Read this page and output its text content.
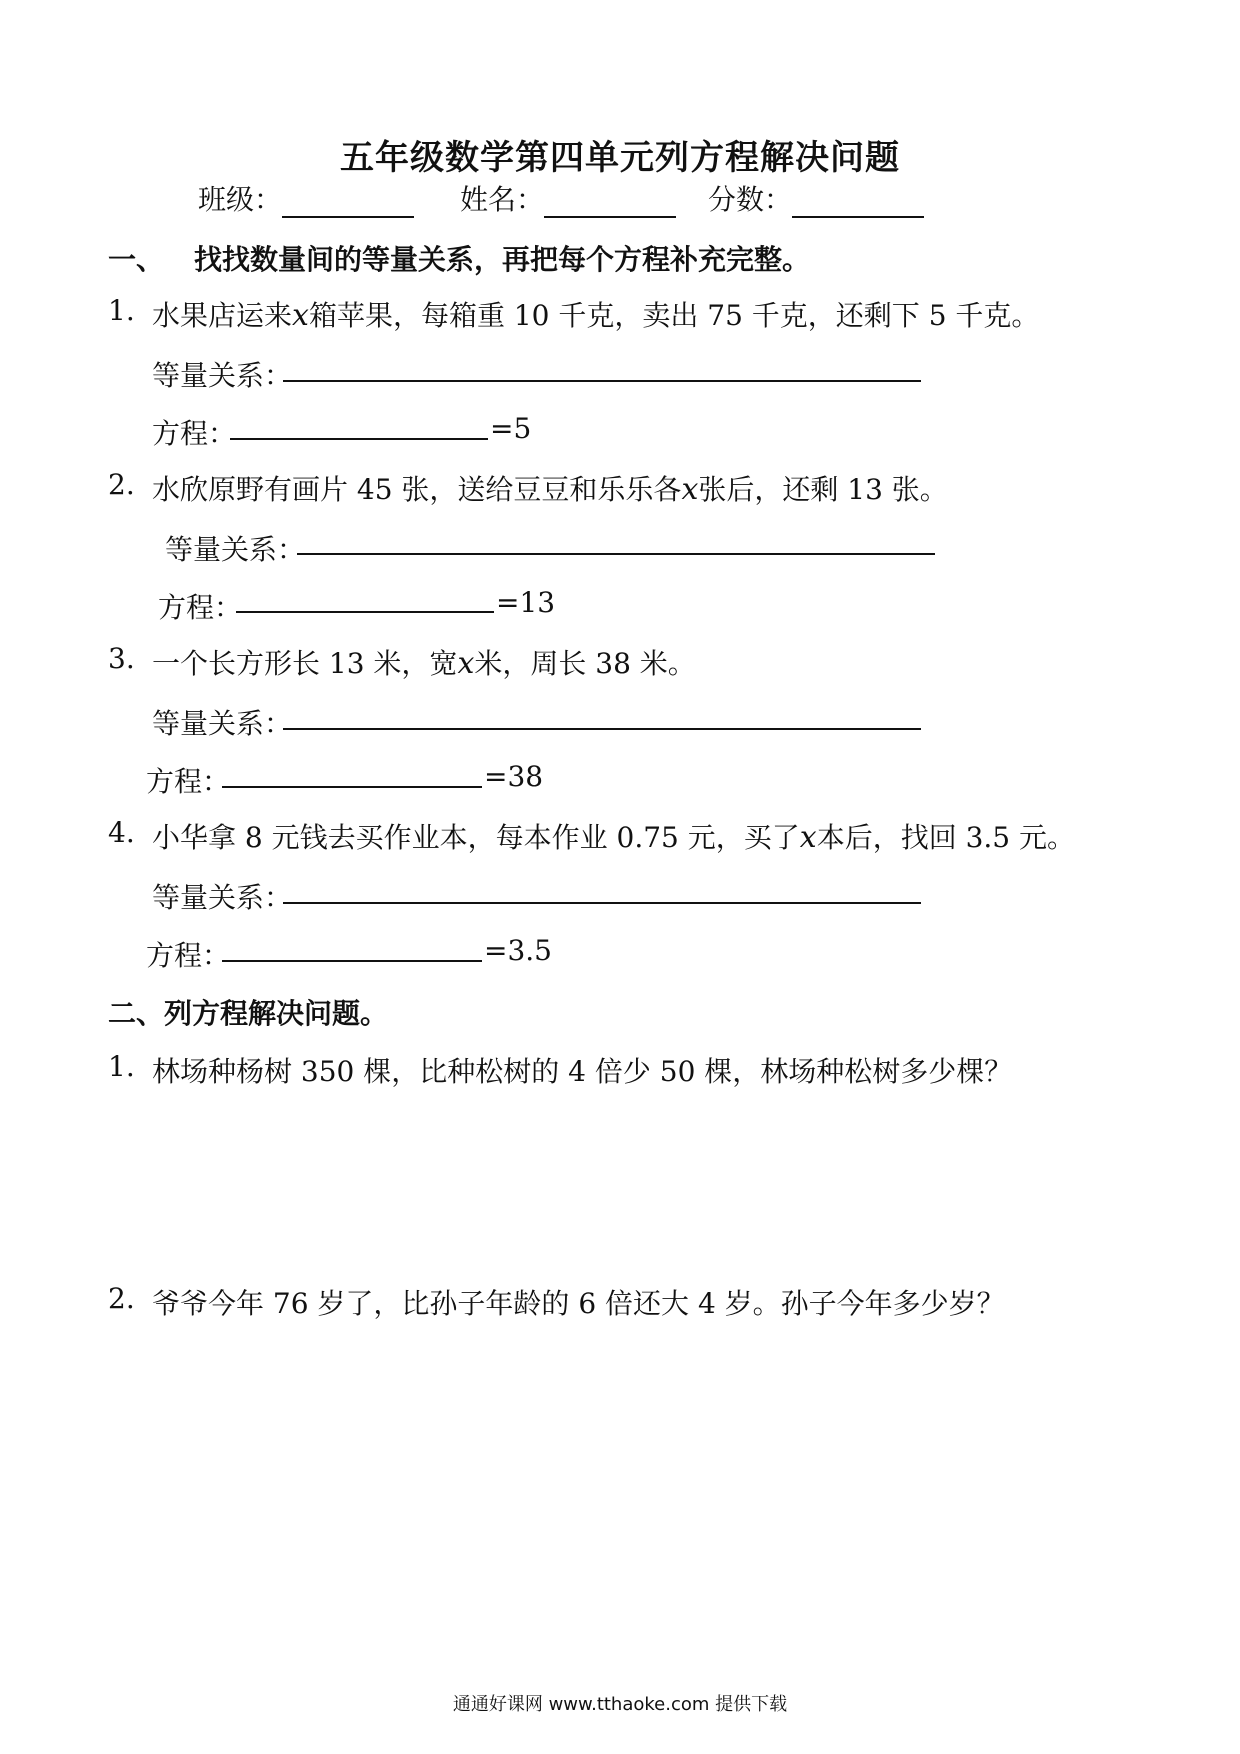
五年级数学第四单元列方程解决问题
班级：	姓名：	分数：
一、 找找数量间的等量关系，再把每个方程补充完整。
1. 水果店运来x箱苹果，每箱重 10 千克，卖出 75 千克，还剩下 5 千克。
等量关系：
方程：	=5
2. 水欣原野有画片 45 张，送给豆豆和乐乐各x张后，还剩 13 张。
等量关系：
方程：	=13
3. 一个长方形长 13 米，宽x米，周长 38 米。
等量关系：
方程：	=38
4. 小华拿 8 元钱去买作业本，每本作业 0.75 元，买了x本后，找回 3.5 元。
等量关系：
方程：	=3.5
二、列方程解决问题。
1. 林场种杨树 350 棵，比种松树的 4 倍少 50 棵，林场种松树多少棵？
2. 爷爷今年 76 岁了，比孙子年龄的 6 倍还大 4 岁。孙子今年多少岁？
通通好课网 www.tthaoke.com 提供下载
